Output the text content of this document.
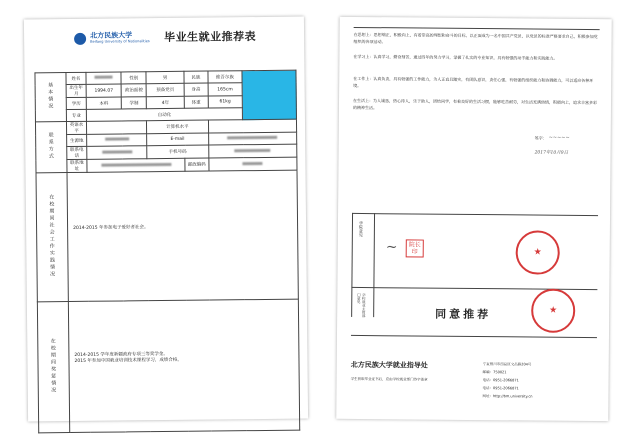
北方民族大学
Beifang University of Nationalities 毕业生就业推荐表
基本情况	姓名		性别	男	民族	维吾尔族	
	出生年月	1994.07	政治面貌	预备党员	身高	165cm	
	学历	本科	学制	4年	体重	61kg	
	专业	自动化					
联系方式	英语水平			计算机水平			
	生源地			E-mail			
	联系电话			手机号码			
	联系地址				邮政编码		
在校期间社会工作实践情况	2014-2015 年参加电子爱好者社会。						

在校期间奖惩情况	2014-2015 学年度新疆政府专项三等奖学金。
2015 年参加中国就业培训技术课程学习，成绩合格。						
在思想上：思想端正，积极向上，有着崇高的理想和奋斗的目标，以正面成为一名中国共产党员，以党员的标准严格要求自己，积极参加党组织的各项活动。
在学习上：认真学习，勤奋刻苦，通过四年的努力学习，掌握了扎实的专业知识，具有较强的动手能力和实践能力。
在工作上：认真负责，具有较强的工作能力，为人正直且踏实，有团队意识，责任心强，有较强的组织能力和协调能力，可以适应各种环境。
在生活上：为人诚恳，热心待人，乐于助人，团结同学，有着良好的生活习惯，能够吃苦耐劳，对生活充满热情，积极向上，追求丰富多彩的精神生活。
签字： ~~~~~
2017年10月9日
学院意见
~	院长印	★
学校就业主管部门意见
同意推荐	★
北方民族大学就业指导处
学生获取毕业证书后，应由学校就业部门签字盖章
宁夏银川市西夏区文昌路204号
邮编：750021
电话：0951-2066871
电话：0951-2066871
网址：http://bm.university.cn
